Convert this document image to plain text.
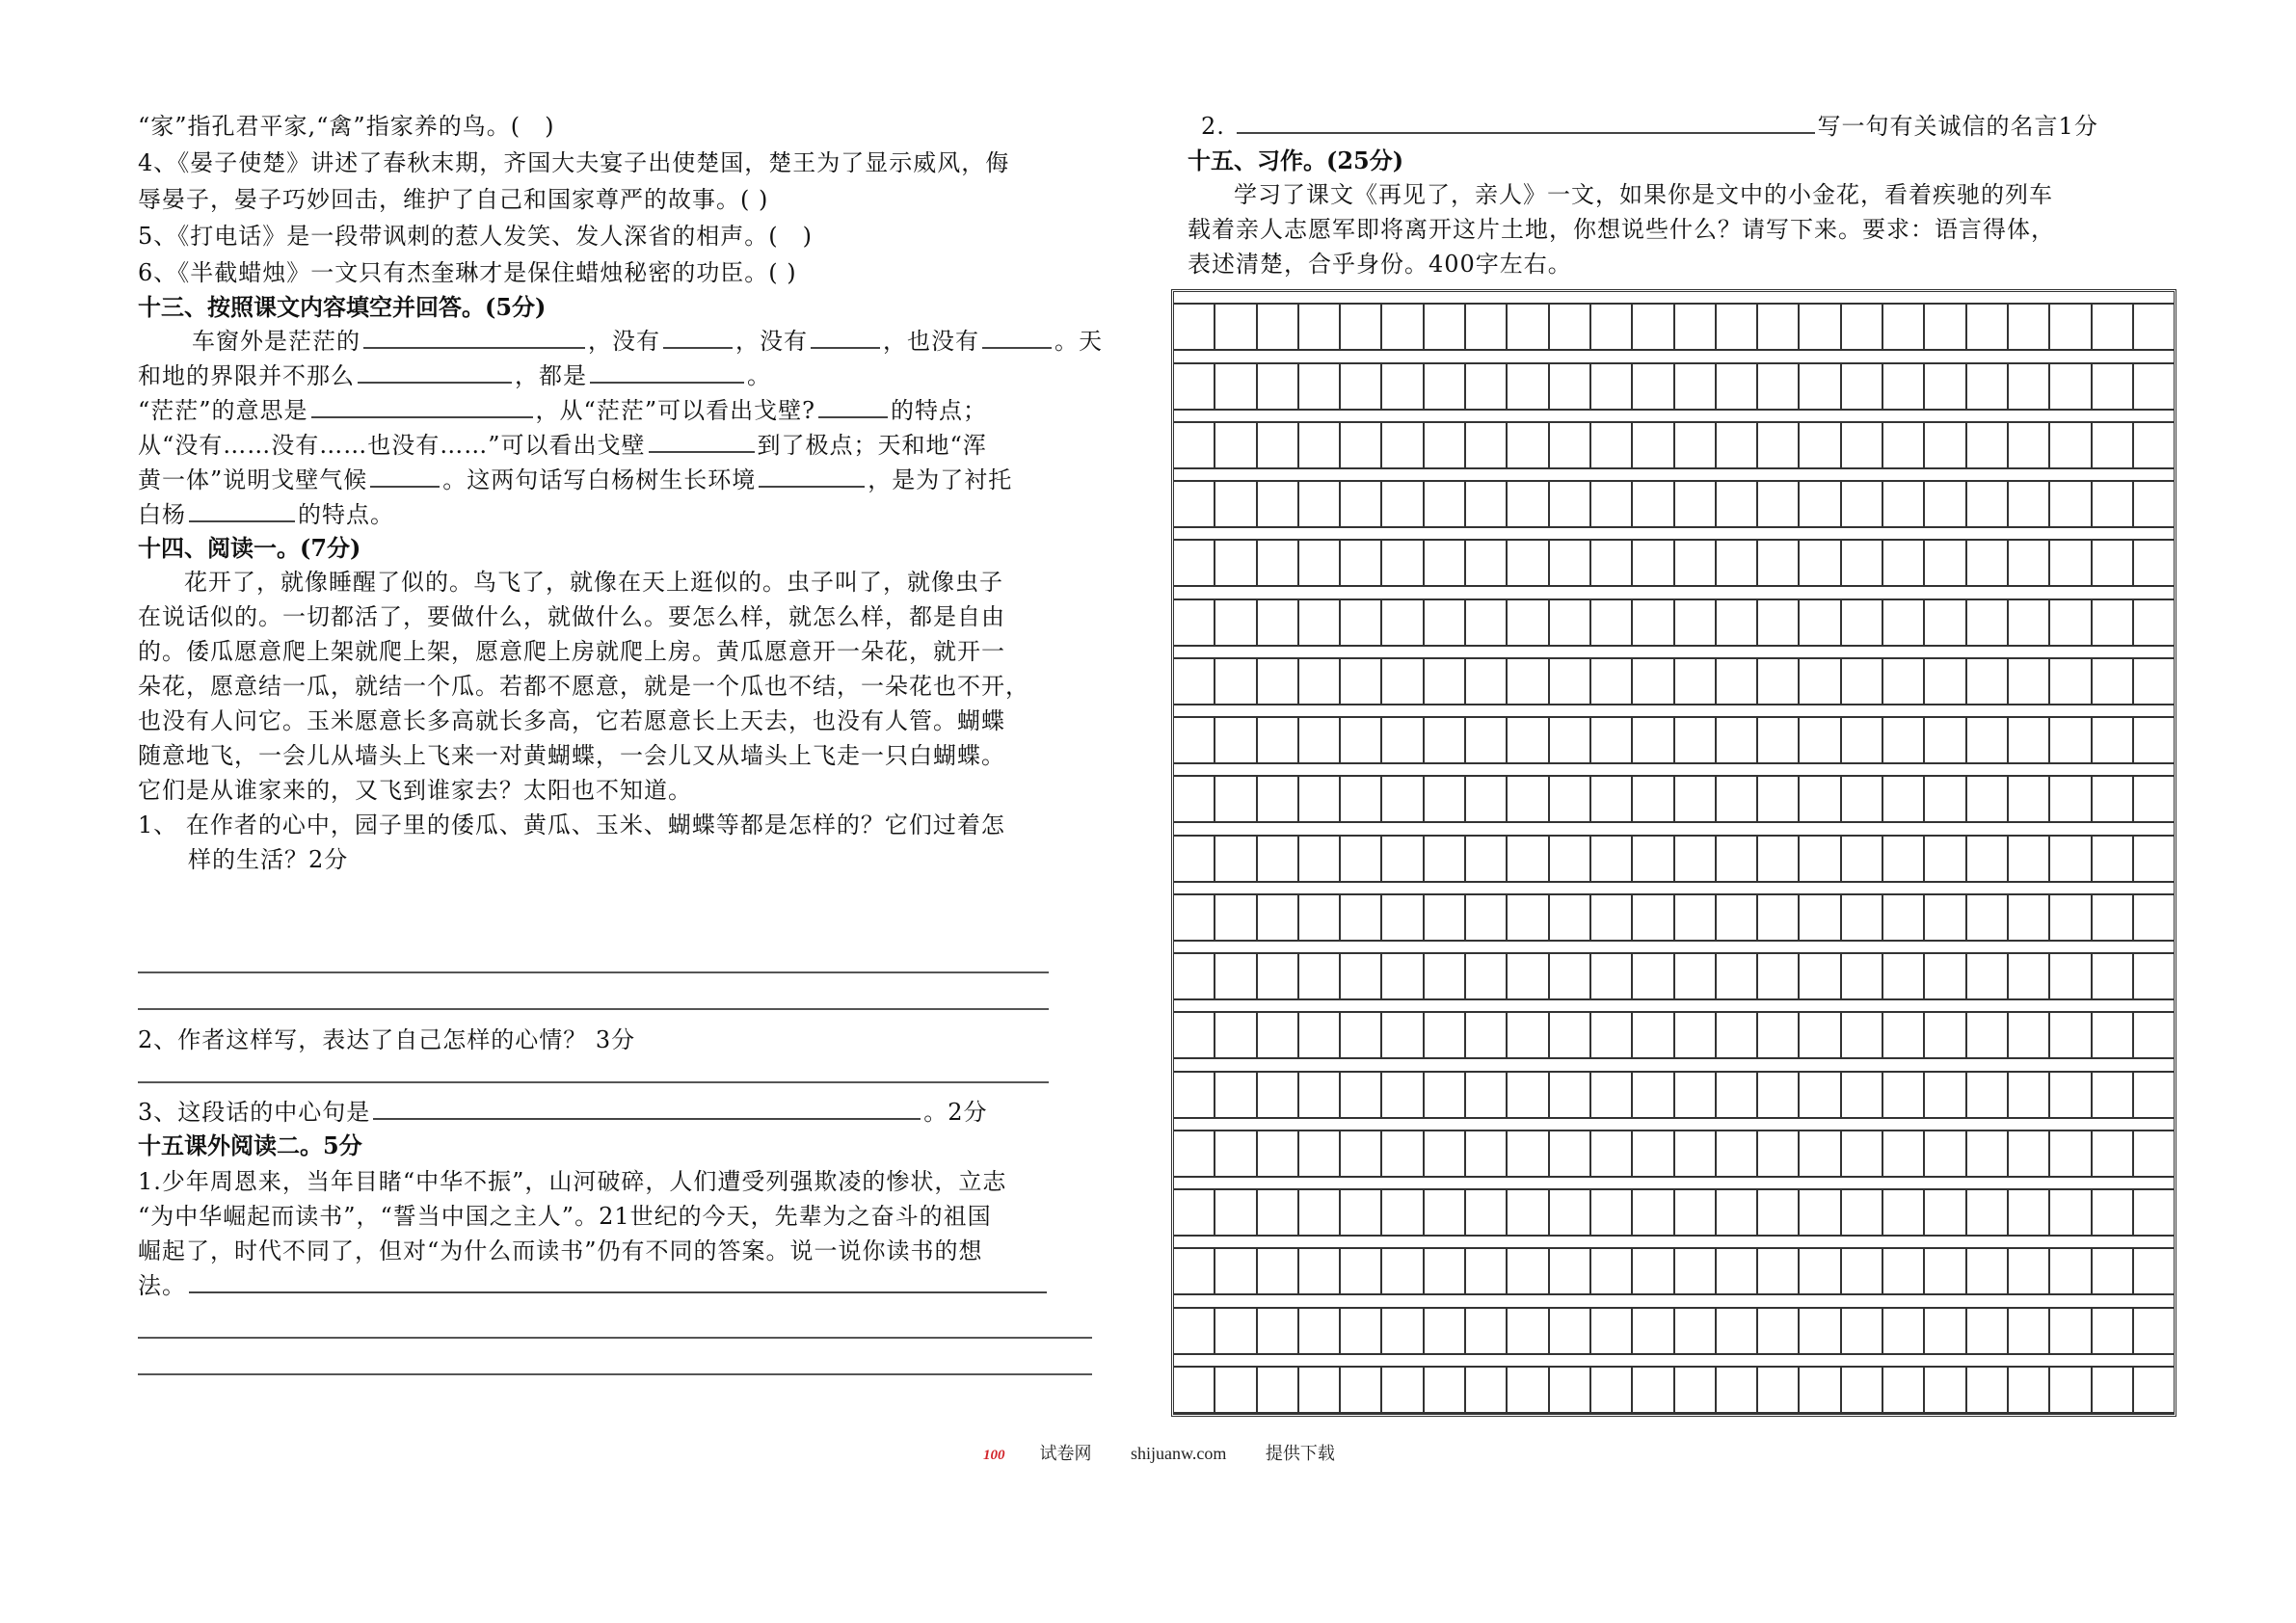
“家”指孔君平家,“禽”指家养的鸟。(　)
4、《晏子使楚》讲述了春秋末期，齐国大夫宴子出使楚国，楚王为了显示威风，侮
辱晏子，晏子巧妙回击，维护了自己和国家尊严的故事。( )
5、《打电话》是一段带讽刺的惹人发笑、发人深省的相声。(　)
6、《半截蜡烛》一文只有杰奎琳才是保住蜡烛秘密的功臣。( )
十三、按照课文内容填空并回答。(5分)
车窗外是茫茫的	，没有	，没有	，也没有	。天
和地的界限并不那么	，都是	。
“茫茫”的意思是	，从“茫茫”可以看出戈壁?	的特点；
从“没有……没有……也没有……”可以看出戈壁	到了极点；天和地“浑
黄一体”说明戈壁气候	。这两句话写白杨树生长环境	，是为了衬托
白杨	的特点。
十四、阅读一。(7分)
花开了，就像睡醒了似的。鸟飞了，就像在天上逛似的。虫子叫了，就像虫子
在说话似的。一切都活了，要做什么，就做什么。要怎么样，就怎么样，都是自由
的。倭瓜愿意爬上架就爬上架，愿意爬上房就爬上房。黄瓜愿意开一朵花，就开一
朵花，愿意结一瓜，就结一个瓜。若都不愿意，就是一个瓜也不结，一朵花也不开，
也没有人问它。玉米愿意长多高就长多高，它若愿意长上天去，也没有人管。蝴蝶
随意地飞，一会儿从墙头上飞来一对黄蝴蝶，一会儿又从墙头上飞走一只白蝴蝶。
它们是从谁家来的，又飞到谁家去？太阳也不知道。
1、 在作者的心中，园子里的倭瓜、黄瓜、玉米、蝴蝶等都是怎样的？它们过着怎
样的生活？2分
2、作者这样写，表达了自己怎样的心情？ 3分
3、这段话的中心句是	。2分
十五课外阅读二。5分
1.少年周恩来，当年目睹“中华不振”，山河破碎，人们遭受列强欺凌的惨状，立志
“为中华崛起而读书”，“誓当中国之主人”。21世纪的今天，先辈为之奋斗的祖国
崛起了，时代不同了，但对“为什么而读书”仍有不同的答案。说一说你读书的想
法。
2.	写一句有关诚信的名言1分
十五、习作。(25分)
学习了课文《再见了，亲人》一文，如果你是文中的小金花，看着疾驰的列车
载着亲人志愿军即将离开这片土地，你想说些什么？请写下来。要求：语言得体，
表述清楚，合乎身份。400字左右。
100 试卷网 shijuanw.com 提供下载
